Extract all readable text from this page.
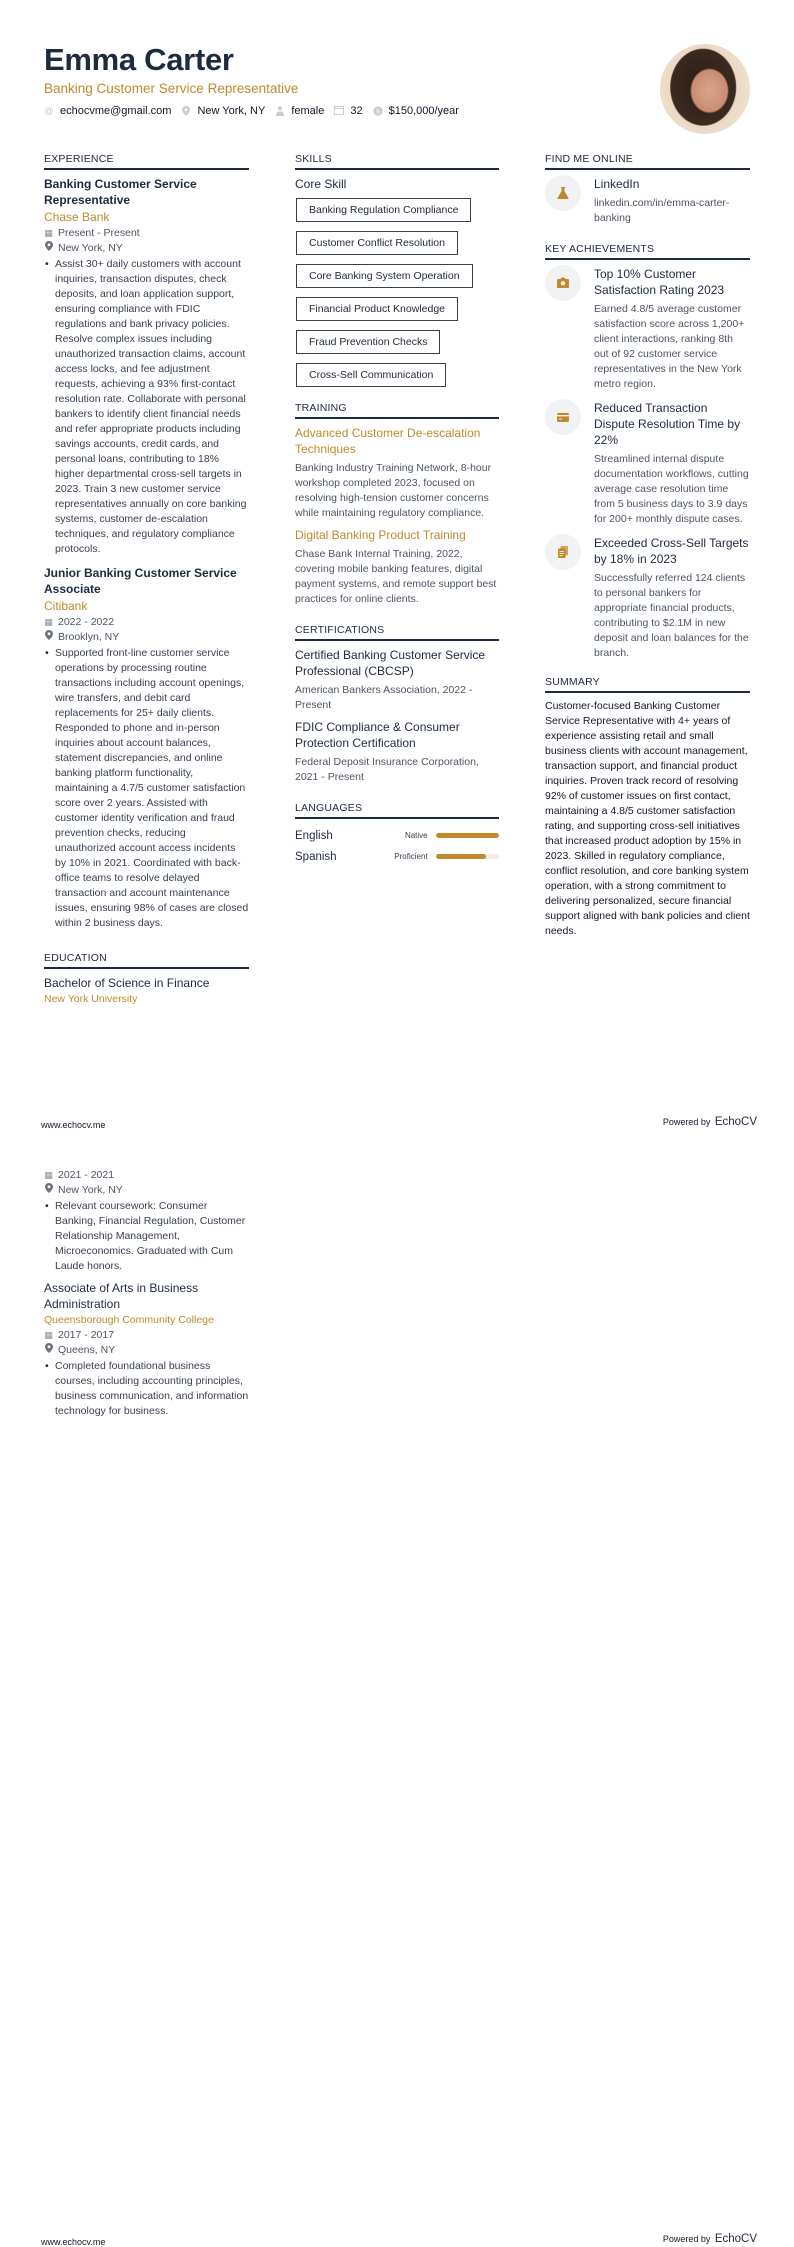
Emma Carter
Banking Customer Service Representative
@ echocvme@gmail.com New York, NY female 32 $ $150,000/year
EXPERIENCE
Banking Customer Service Representative
Chase Bank
▦ Present - Present
New York, NY
• Assist 30+ daily customers with account inquiries, transaction disputes, check deposits, and loan application support, ensuring compliance with FDIC regulations and bank privacy policies. Resolve complex issues including unauthorized transaction claims, account access locks, and fee adjustment requests, achieving a 93% first-contact resolution rate. Collaborate with personal bankers to identify client financial needs and refer appropriate products including savings accounts, credit cards, and personal loans, contributing to 18% higher departmental cross-sell targets in 2023. Train 3 new customer service representatives annually on core banking systems, customer de-escalation techniques, and regulatory compliance protocols.
Junior Banking Customer Service Associate
Citibank
▦ 2022 - 2022
Brooklyn, NY
• Supported front-line customer service operations by processing routine transactions including account openings, wire transfers, and debit card replacements for 25+ daily clients. Responded to phone and in-person inquiries about account balances, statement discrepancies, and online banking platform functionality, maintaining a 4.7/5 customer satisfaction score over 2 years. Assisted with customer identity verification and fraud prevention checks, reducing unauthorized account access incidents by 10% in 2021. Coordinated with back-office teams to resolve delayed transaction and account maintenance issues, ensuring 98% of cases are closed within 2 business days.
EDUCATION
Bachelor of Science in Finance
New York University
SKILLS
Core Skill
Banking Regulation Compliance
Customer Conflict Resolution
Core Banking System Operation
Financial Product Knowledge
Fraud Prevention Checks
Cross-Sell Communication
TRAINING
Advanced Customer De-escalation Techniques
Banking Industry Training Network, 8-hour workshop completed 2023, focused on resolving high-tension customer concerns while maintaining regulatory compliance.
Digital Banking Product Training
Chase Bank Internal Training, 2022, covering mobile banking features, digital payment systems, and remote support best practices for online clients.
CERTIFICATIONS
Certified Banking Customer Service Professional (CBCSP)
American Bankers Association, 2022 - Present
FDIC Compliance & Consumer Protection Certification
Federal Deposit Insurance Corporation, 2021 - Present
LANGUAGES
English	Native
Spanish	Proficient
FIND ME ONLINE
LinkedIn
linkedin.com/in/emma-carter-banking
KEY ACHIEVEMENTS
Top 10% Customer Satisfaction Rating 2023
Earned 4.8/5 average customer satisfaction score across 1,200+ client interactions, ranking 8th out of 92 customer service representatives in the New York metro region.
Reduced Transaction Dispute Resolution Time by 22%
Streamlined internal dispute documentation workflows, cutting average case resolution time from 5 business days to 3.9 days for 200+ monthly dispute cases.
Exceeded Cross-Sell Targets by 18% in 2023
Successfully referred 124 clients to personal bankers for appropriate financial products, contributing to $2.1M in new deposit and loan balances for the branch.
SUMMARY
Customer-focused Banking Customer Service Representative with 4+ years of experience assisting retail and small business clients with account management, transaction support, and financial product inquiries. Proven track record of resolving 92% of customer issues on first contact, maintaining a 4.8/5 customer satisfaction rating, and supporting cross-sell initiatives that increased product adoption by 15% in 2023. Skilled in regulatory compliance, conflict resolution, and core banking system operation, with a strong commitment to delivering personalized, secure financial support aligned with bank policies and client needs.
www.echocv.me	Powered by EchoCV
▦ 2021 - 2021
New York, NY
• Relevant coursework: Consumer Banking, Financial Regulation, Customer Relationship Management, Microeconomics. Graduated with Cum Laude honors.
Associate of Arts in Business Administration
Queensborough Community College
▦ 2017 - 2017
Queens, NY
• Completed foundational business courses, including accounting principles, business communication, and information technology for business.
www.echocv.me	Powered by EchoCV
